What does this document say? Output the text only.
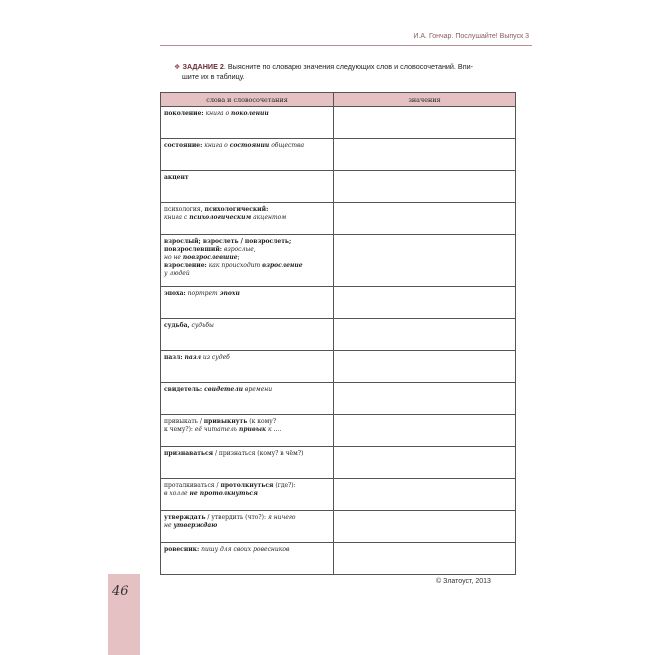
И.А. Гончар. Послушайте! Выпуск 3
❖ ЗАДАНИЕ 2. Выясните по словарю значения следующих слов и словосочетаний. Впи-
шите их в таблицу.
слова и словосочетания	значения
поколение: книга о поколении	
состояние: книга о состоянии общества	
акцент	
психология, психологический:
книга с психологическим акцентом	
взрослый; взрослеть / повзрослеть;
повзрослевший: взрослые,
но не повзрослевшие;
взросление: как происходит взросление
у людей	
эпоха: портрет эпохи	
судьба, судьбы	
пазл: пазл из судеб	
свидетель: свидетели времени	
привыкать / привыкнуть (к кому?
к чему?): её читатель привык к ….	
признаваться / признаться (кому? в чём?)	
проталкиваться / протолкнуться (где?):
в холле не протолкнуться	
утверждать / утвердить (что?): я ничего
не утверждаю	
ровесник: пишу для своих ровесников	
46
© Златоуст, 2013
